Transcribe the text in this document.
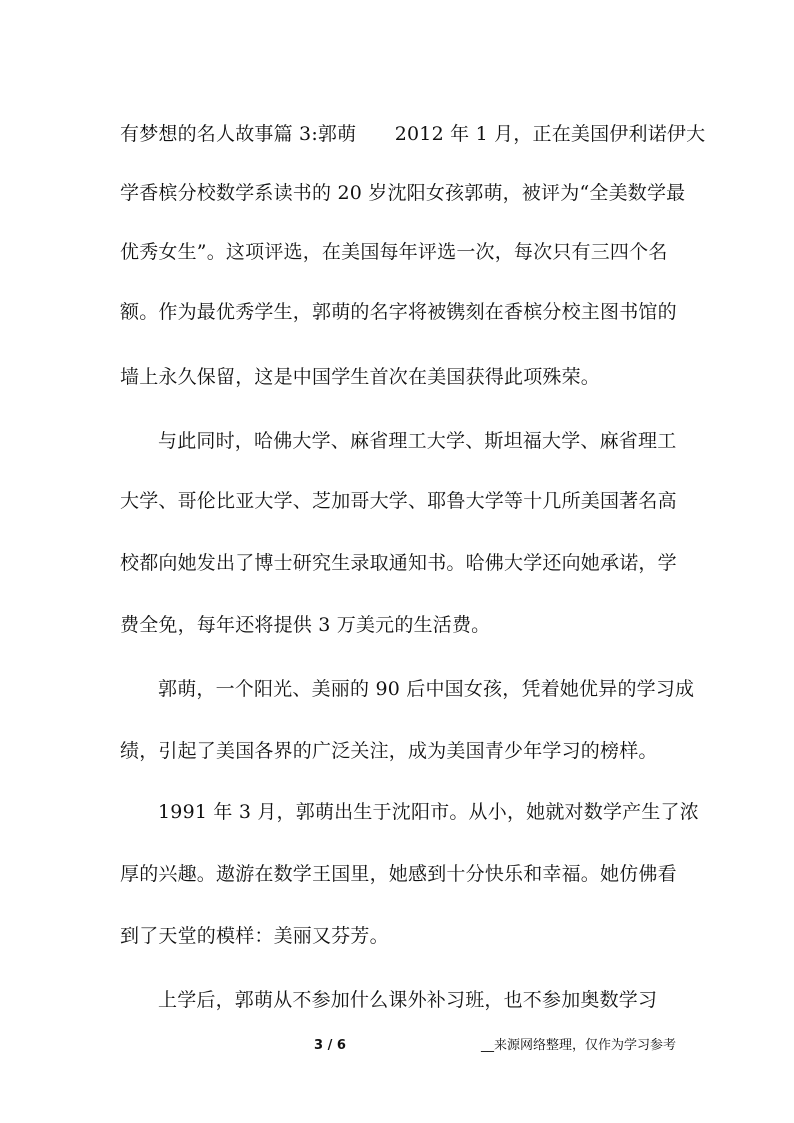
有梦想的名人故事篇 3:郭萌　　2012 年 1 月，正在美国伊利诺伊大
学香槟分校数学系读书的 20 岁沈阳女孩郭萌，被评为“全美数学最
优秀女生”。这项评选，在美国每年评选一次，每次只有三四个名
额。作为最优秀学生，郭萌的名字将被镌刻在香槟分校主图书馆的
墙上永久保留，这是中国学生首次在美国获得此项殊荣。
与此同时，哈佛大学、麻省理工大学、斯坦福大学、麻省理工
大学、哥伦比亚大学、芝加哥大学、耶鲁大学等十几所美国著名高
校都向她发出了博士研究生录取通知书。哈佛大学还向她承诺，学
费全免，每年还将提供 3 万美元的生活费。
郭萌，一个阳光、美丽的 90 后中国女孩，凭着她优异的学习成
绩，引起了美国各界的广泛关注，成为美国青少年学习的榜样。
1991 年 3 月，郭萌出生于沈阳市。从小，她就对数学产生了浓
厚的兴趣。遨游在数学王国里，她感到十分快乐和幸福。她仿佛看
到了天堂的模样：美丽又芬芳。
上学后，郭萌从不参加什么课外补习班，也不参加奥数学习
3 / 6	__来源网络整理，仅作为学习参考
